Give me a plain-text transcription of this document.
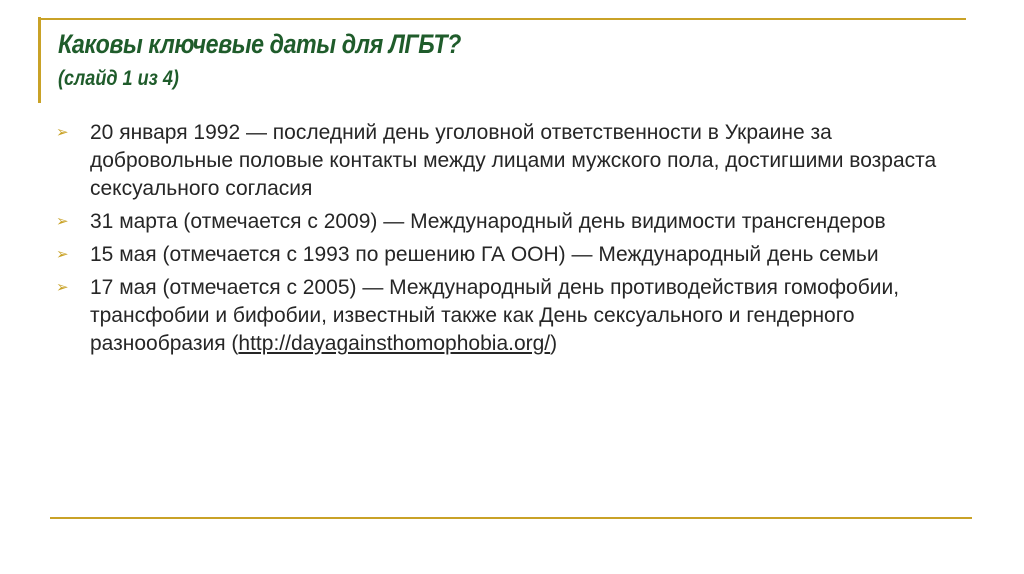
Каковы ключевые даты для ЛГБТ?
(слайд 1 из 4)
➢ 20 января 1992 — последний день уголовной ответственности в Украине за добровольные половые контакты между лицами мужского пола, достигшими возраста сексуального согласия
➢ 31 марта (отмечается с 2009) — Международный день видимости трансгендеров
➢ 15 мая (отмечается с 1993 по решению ГА ООН) — Международный день семьи
➢ 17 мая (отмечается с 2005) — Международный день противодействия гомофобии, трансфобии и бифобии, известный также как День сексуального и гендерного разнообразия (http://dayagainsthomophobia.org/)
